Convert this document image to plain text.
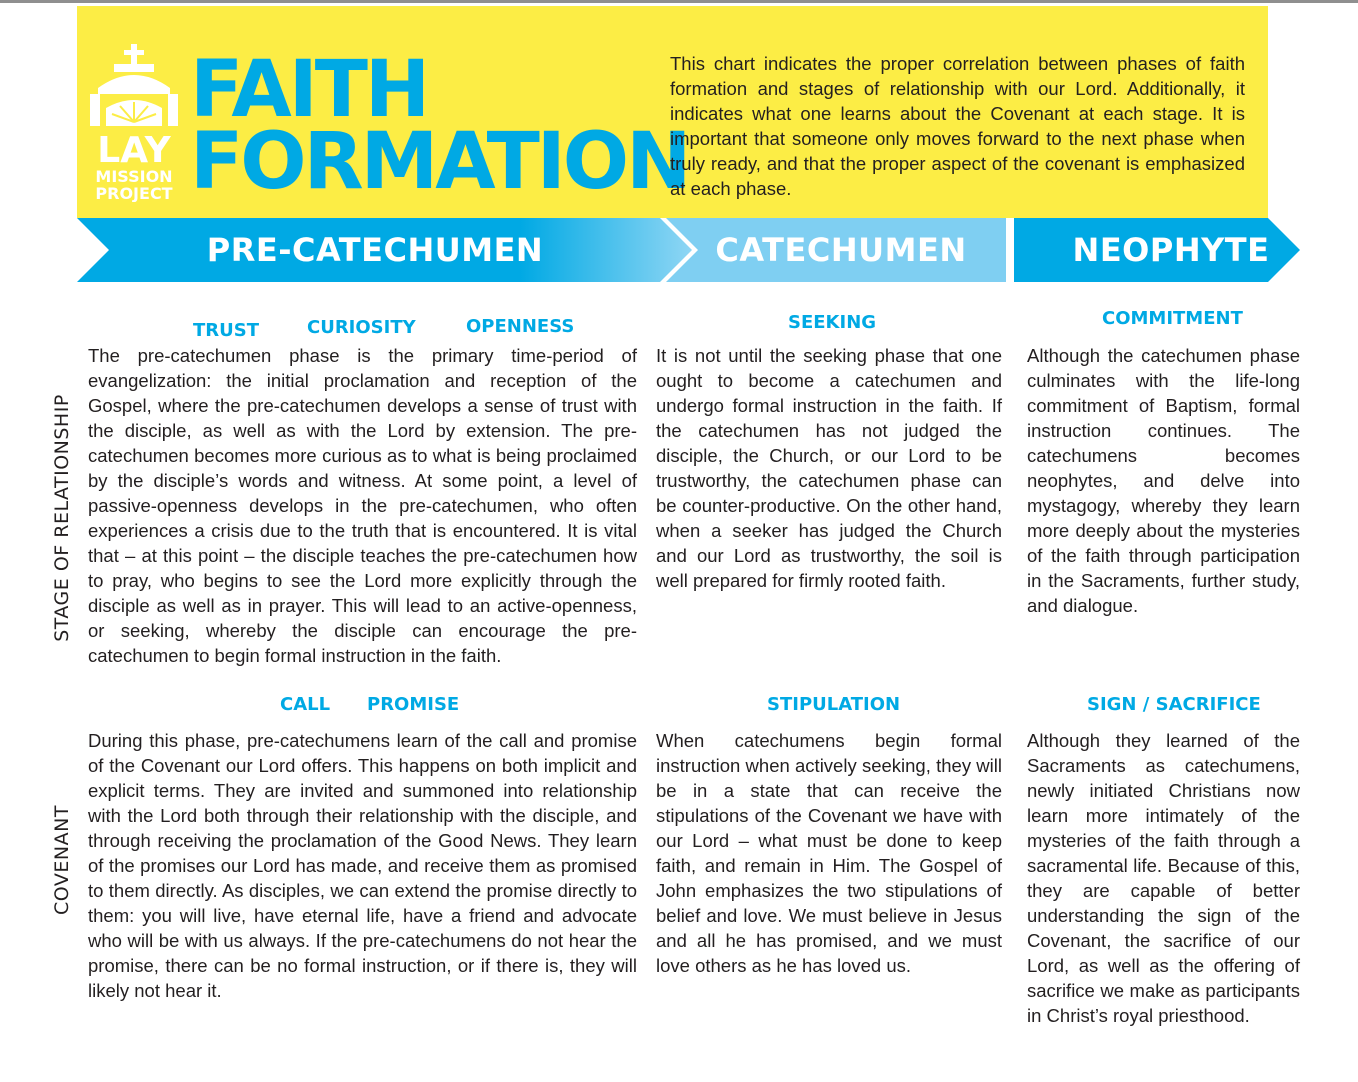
LAY
MISSION
PROJECT
FAITH
FORMATION

This chart indicates the proper correlation between phases of faith formation and stages of relationship with our Lord. Additionally, it indicates what one learns about the Covenant at each stage. It is important that someone only moves forward to the next phase when truly ready, and that the proper aspect of the covenant is emphasized at each phase.

PRE-CATECHUMEN	CATECHUMEN	NEOPHYTE
STAGE OF RELATIONSHIP
COVENANT
TRUST	CURIOSITY	OPENNESS

The pre-catechumen phase is the primary time-period of evangelization: the initial proclamation and reception of the Gospel, where the pre-catechumen develops a sense of trust with the disciple, as well as with the Lord by extension. The pre-catechumen becomes more curious as to what is being proclaimed by the disciple’s words and witness. At some point, a level of passive-openness develops in the pre-catechumen, who often experiences a crisis due to the truth that is encountered. It is vital that – at this point – the disciple teaches the pre-catechumen how to pray, who begins to see the Lord more explicitly through the disciple as well as in prayer. This will lead to an active-openness, or seeking, whereby the disciple can encourage the pre-catechumen to begin formal instruction in the faith.

SEEKING

It is not until the seeking phase that one ought to become a catechumen and undergo formal instruction in the faith. If the catechumen has not judged the disciple, the Church, or our Lord to be trustworthy, the catechumen phase can be counter-productive. On the other hand, when a seeker has judged the Church and our Lord as trustworthy, the soil is well prepared for firmly rooted faith.

COMMITMENT

Although the catechumen phase culminates with the life-long commitment of Baptism, formal instruction continues. The catechumens becomes neophytes, and delve into mystagogy, whereby they learn more deeply about the mysteries of the faith through participation in the Sacraments, further study, and dialogue.

CALL PROMISE

During this phase, pre-catechumens learn of the call and promise of the Covenant our Lord offers. This happens on both implicit and explicit terms. They are invited and summoned into relationship with the Lord both through their relationship with the disciple, and through receiving the proclamation of the Good News. They learn of the promises our Lord has made, and receive them as promised to them directly. As disciples, we can extend the promise directly to them: you will live, have eternal life, have a friend and advocate who will be with us always. If the pre-catechumens do not hear the promise, there can be no formal instruction, or if there is, they will likely not hear it.

STIPULATION

When catechumens begin formal instruction when actively seeking, they will be in a state that can receive the stipulations of the Covenant we have with our Lord – what must be done to keep faith, and remain in Him. The Gospel of John emphasizes the two stipulations of belief and love. We must believe in Jesus and all he has promised, and we must love others as he has loved us.

SIGN / SACRIFICE

Although they learned of the Sacraments as catechumens, newly initiated Christians now learn more intimately of the mysteries of the faith through a sacramental life. Because of this, they are capable of better understanding the sign of the Covenant, the sacrifice of our Lord, as well as the offering of sacrifice we make as participants in Christ’s royal priesthood.
